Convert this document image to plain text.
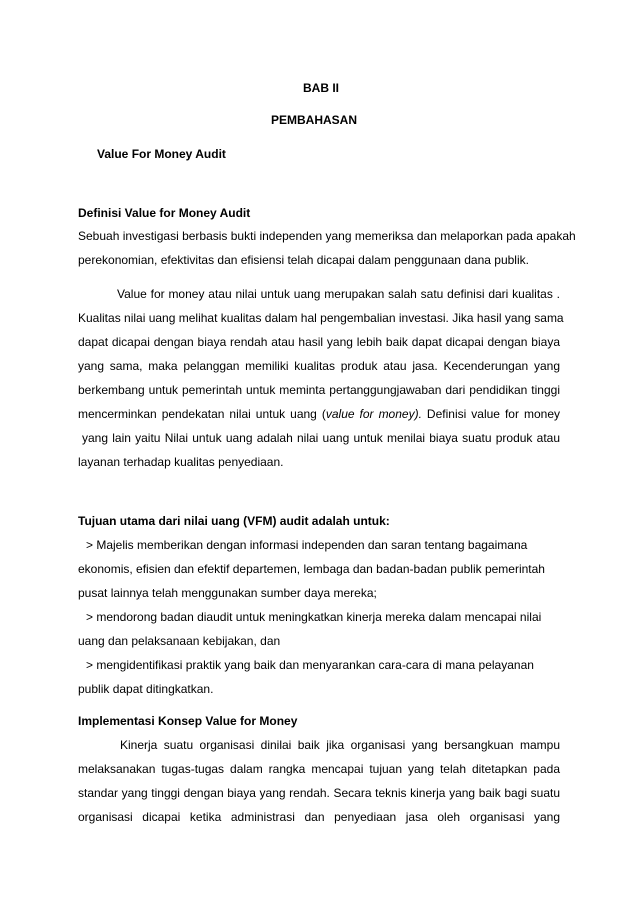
BAB II
PEMBAHASAN
Value For Money Audit
Definisi Value for Money Audit
Sebuah investigasi berbasis bukti independen yang memeriksa dan melaporkan pada apakah
perekonomian, efektivitas dan efisiensi telah dicapai dalam penggunaan dana publik.
Value for money atau nilai untuk uang merupakan salah satu definisi dari kualitas .
Kualitas nilai uang melihat kualitas dalam hal pengembalian investasi. Jika hasil yang sama
dapat dicapai dengan biaya rendah atau hasil yang lebih baik dapat dicapai dengan biaya
yang sama, maka pelanggan memiliki kualitas produk atau jasa. Kecenderungan yang
berkembang untuk pemerintah untuk meminta pertanggungjawaban dari pendidikan tinggi
mencerminkan pendekatan nilai untuk uang (value for money). Definisi value for money
yang lain yaitu Nilai untuk uang adalah nilai uang untuk menilai biaya suatu produk atau
layanan terhadap kualitas penyediaan.
Tujuan utama dari nilai uang (VFM) audit adalah untuk:
> Majelis memberikan dengan informasi independen dan saran tentang bagaimana
ekonomis, efisien dan efektif departemen, lembaga dan badan-badan publik pemerintah
pusat lainnya telah menggunakan sumber daya mereka;
> mendorong badan diaudit untuk meningkatkan kinerja mereka dalam mencapai nilai
uang dan pelaksanaan kebijakan, dan
> mengidentifikasi praktik yang baik dan menyarankan cara-cara di mana pelayanan
publik dapat ditingkatkan.
Implementasi Konsep Value for Money
Kinerja suatu organisasi dinilai baik jika organisasi yang bersangkuan mampu
melaksanakan tugas-tugas dalam rangka mencapai tujuan yang telah ditetapkan pada
standar yang tinggi dengan biaya yang rendah. Secara teknis kinerja yang baik bagi suatu
organisasi dicapai ketika administrasi dan penyediaan jasa oleh organisasi yang
